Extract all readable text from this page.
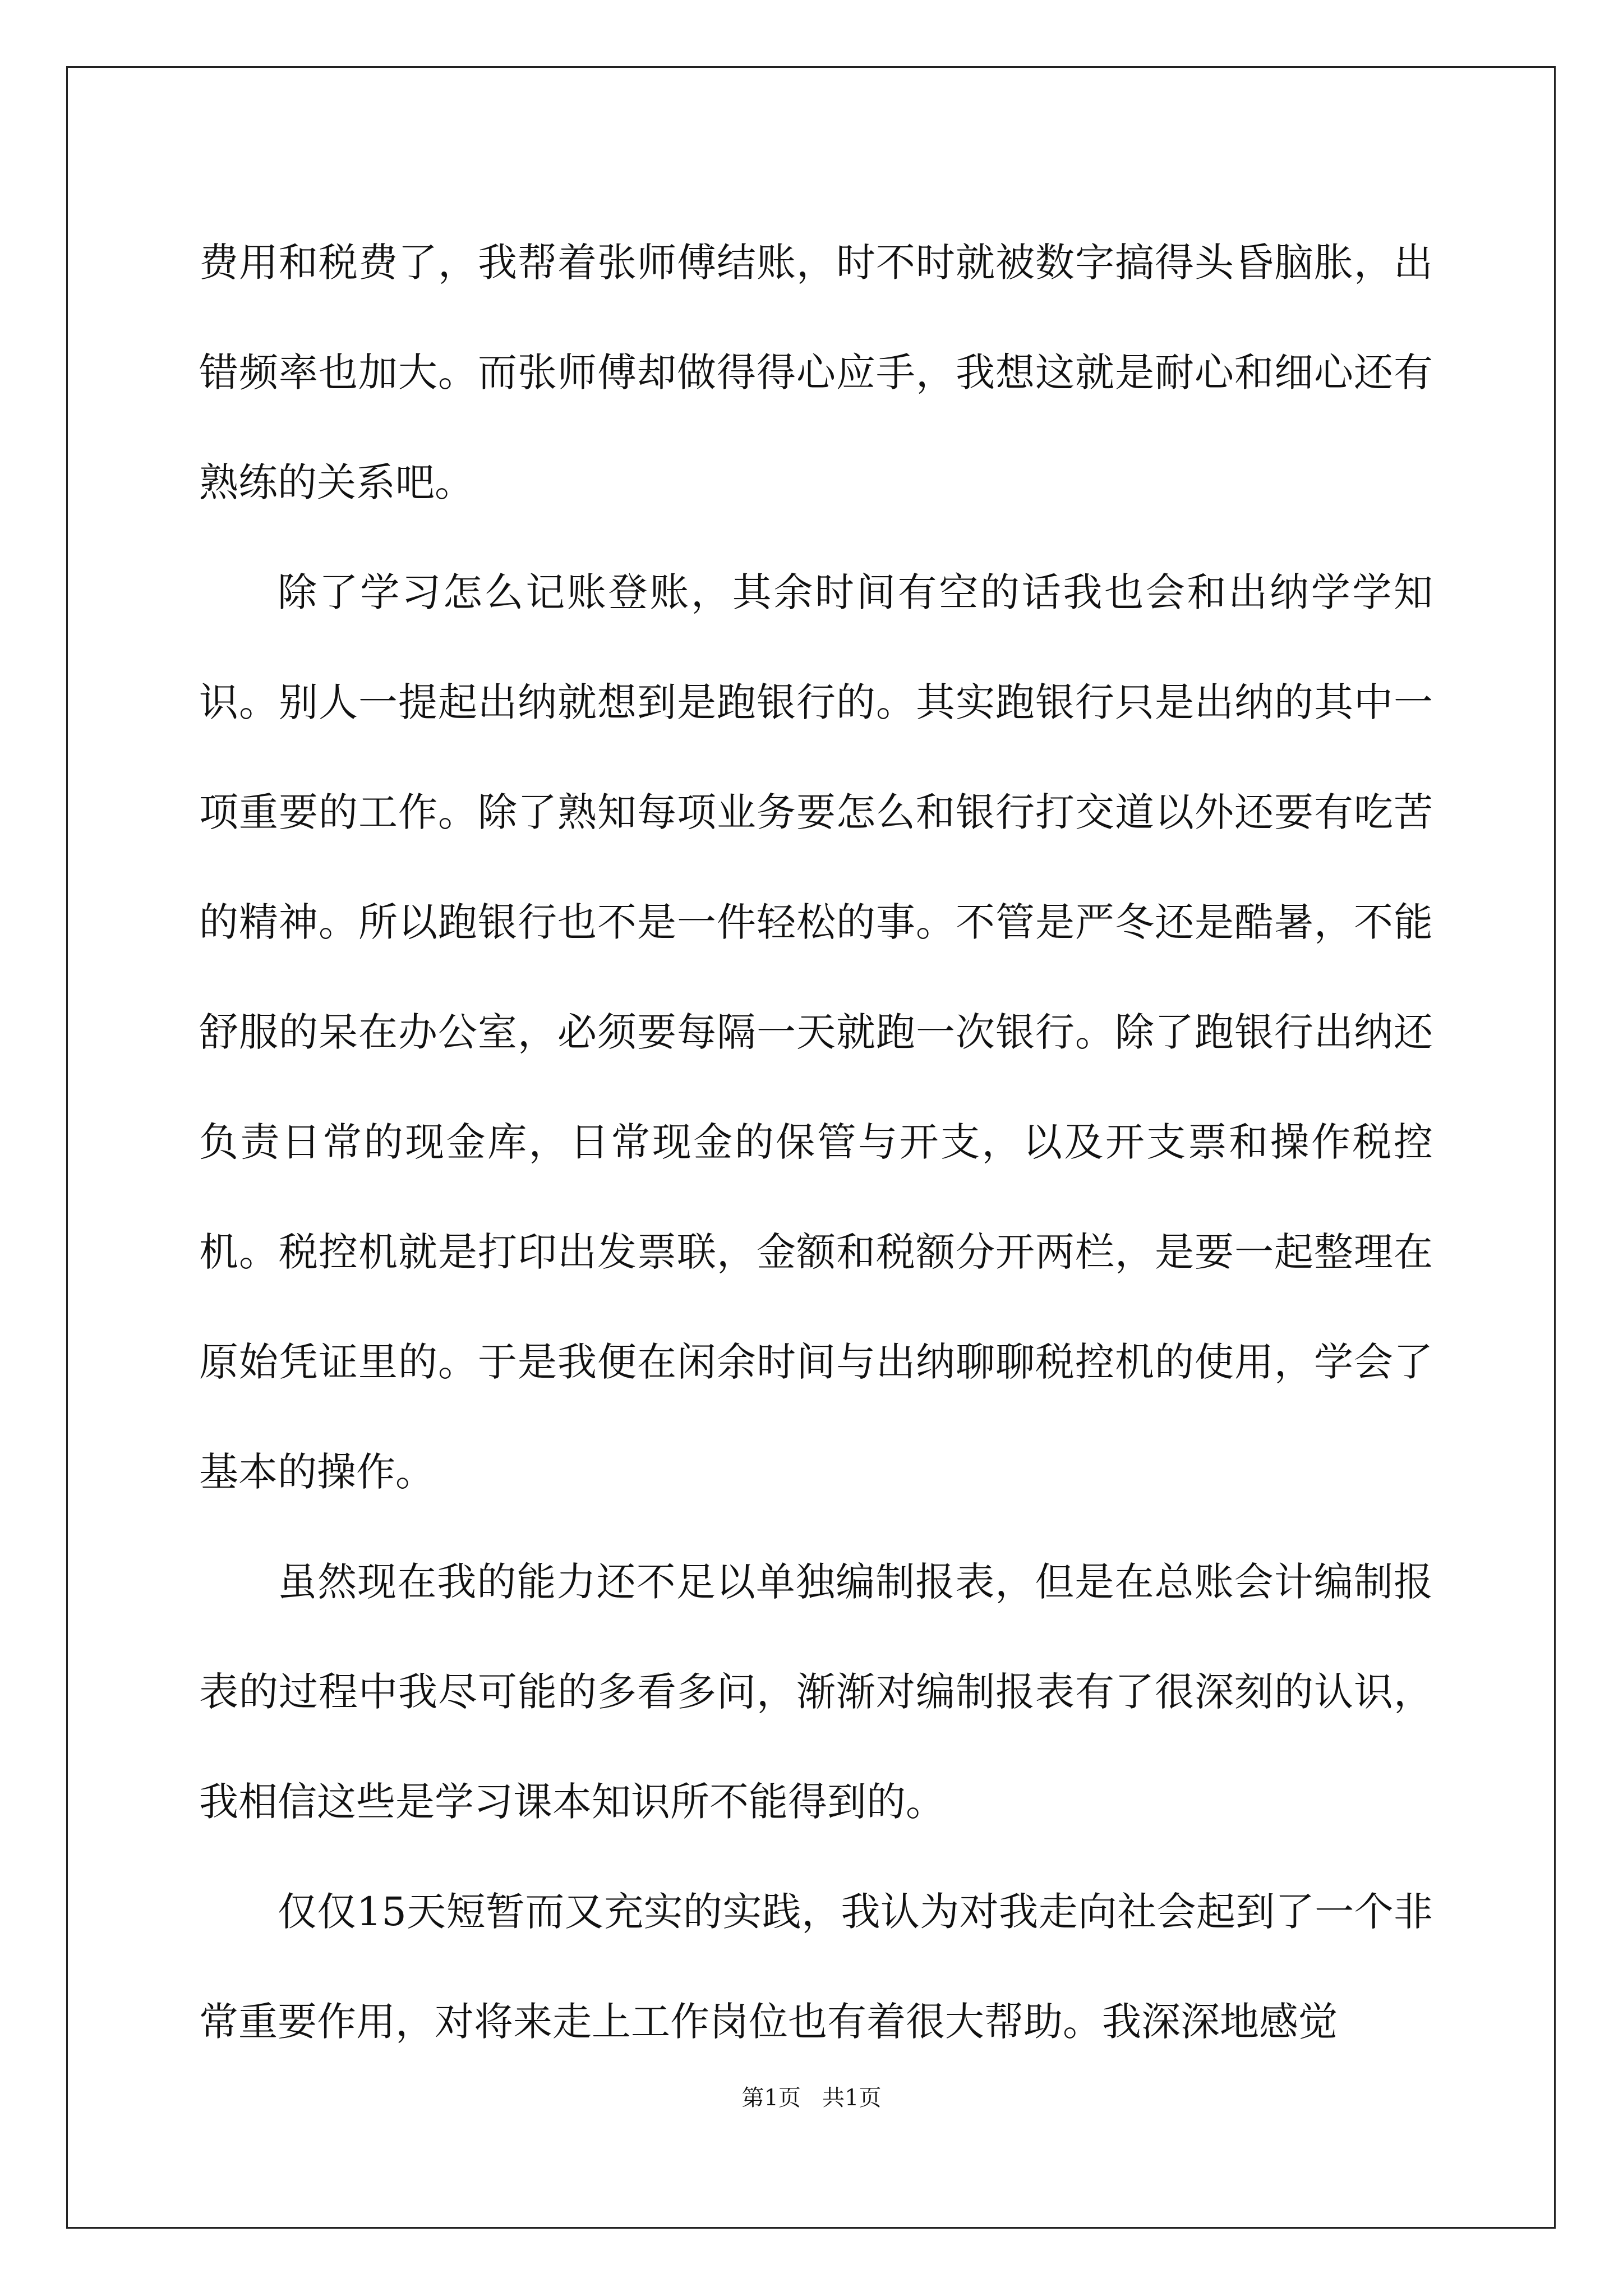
费用和税费了，我帮着张师傅结账，时不时就被数字搞得头昏脑胀，出错频率也加大。而张师傅却做得得心应手，我想这就是耐心和细心还有熟练的关系吧。

除了学习怎么记账登账，其余时间有空的话我也会和出纳学学知识。别人一提起出纳就想到是跑银行的。其实跑银行只是出纳的其中一项重要的工作。除了熟知每项业务要怎么和银行打交道以外还要有吃苦的精神。所以跑银行也不是一件轻松的事。不管是严冬还是酷暑，不能舒服的呆在办公室，必须要每隔一天就跑一次银行。除了跑银行出纳还负责日常的现金库，日常现金的保管与开支，以及开支票和操作税控机。税控机就是打印出发票联，金额和税额分开两栏，是要一起整理在原始凭证里的。于是我便在闲余时间与出纳聊聊税控机的使用，学会了基本的操作。

虽然现在我的能力还不足以单独编制报表，但是在总账会计编制报表的过程中我尽可能的多看多问，渐渐对编制报表有了很深刻的认识，我相信这些是学习课本知识所不能得到的。

仅仅15天短暂而又充实的实践，我认为对我走向社会起到了一个非常重要作用，对将来走上工作岗位也有着很大帮助。我深深地感觉

第1页   共1页
